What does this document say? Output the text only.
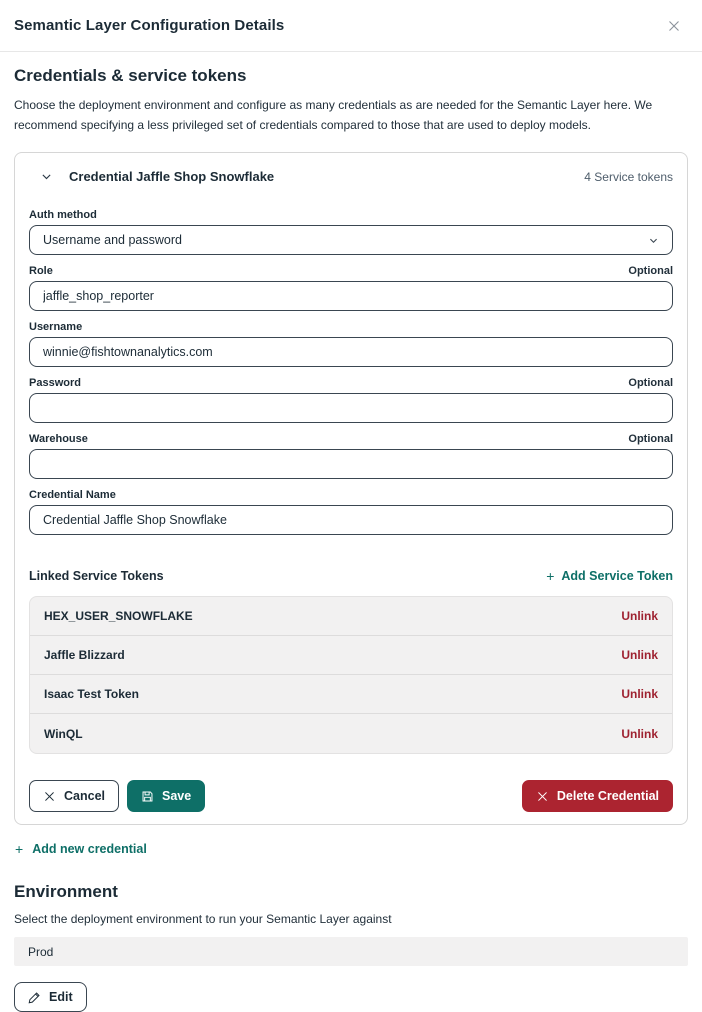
Semantic Layer Configuration Details
Credentials & service tokens

Choose the deployment environment and configure as many credentials as are needed for the Semantic Layer here. We recommend specifying a less privileged set of credentials compared to those that are used to deploy models.

Credential Jaffle Shop Snowflake	4 Service tokens
Auth method
Username and password
Role	Optional
jaffle_shop_reporter
Username
winnie@fishtownanalytics.com
Password	Optional
Warehouse	Optional
Credential Name
Credential Jaffle Shop Snowflake
Linked Service Tokens	+ Add Service Token
HEX_USER_SNOWFLAKE	Unlink
Jaffle Blizzard	Unlink
Isaac Test Token	Unlink
WinQL	Unlink
Cancel	Save	Delete Credential
+ Add new credential
Environment

Select the deployment environment to run your Semantic Layer against

Prod
Edit
